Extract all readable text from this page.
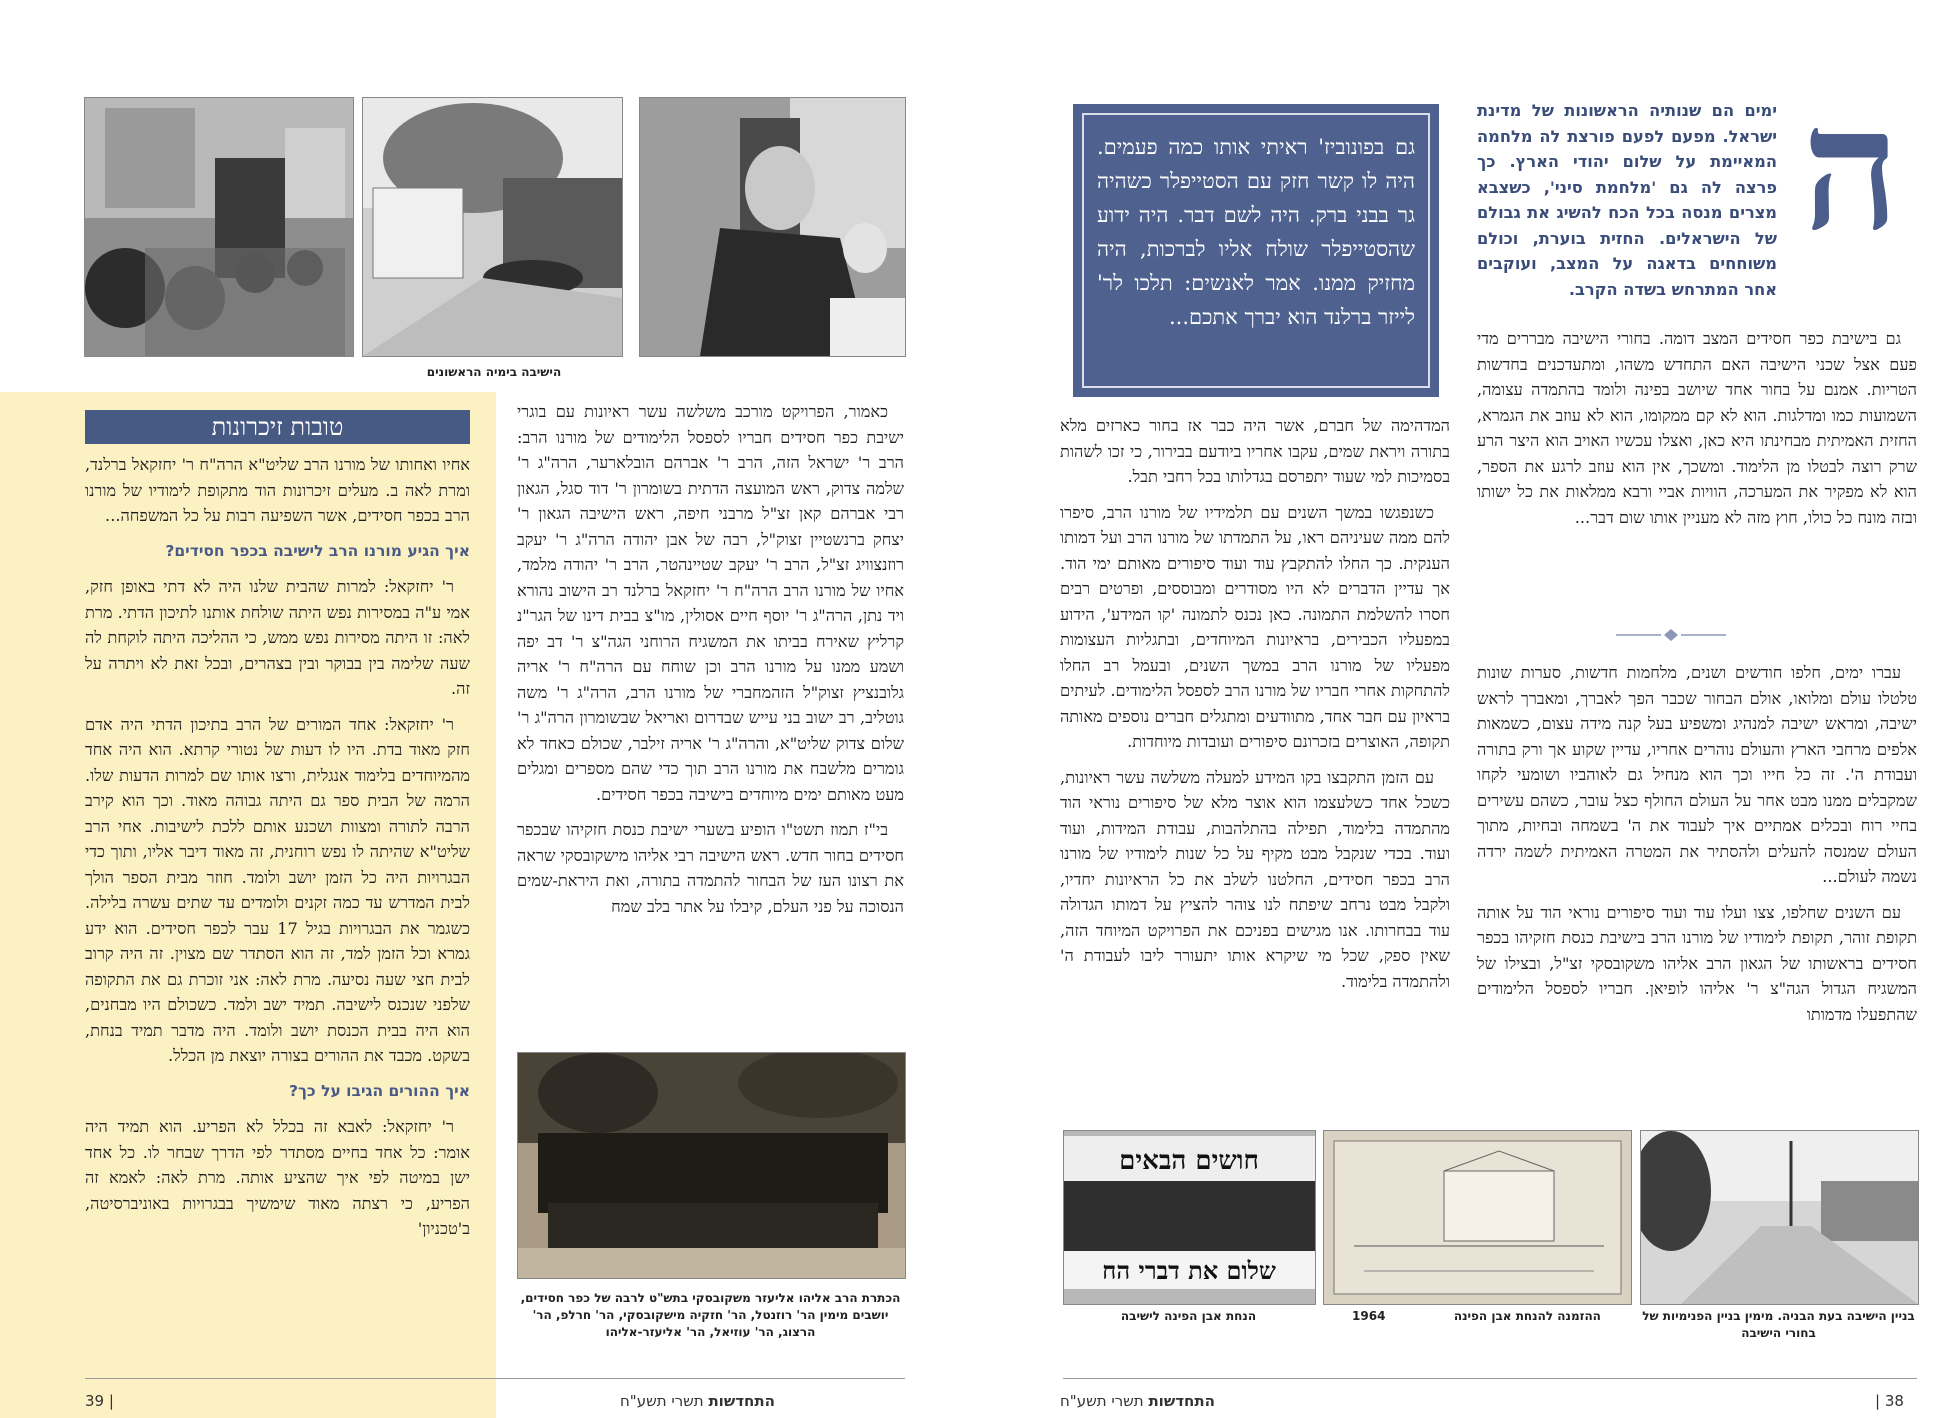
הישיבה בימיה הראשונים
טובות זיכרונות

אחיו ואחותו של מורנו הרב שליט"א הרה"ח ר' יחזקאל ברלנד, ומרת לאה ב. מעלים זיכרונות הוד מתקופת לימודיו של מורנו הרב בכפר חסידים, אשר השפיעה רבות על כל המשפחה...

איך הגיע מורנו הרב לישיבה בכפר חסידים?

ר' יחזקאל: למרות שהבית שלנו היה לא דתי באופן חזק, אמי ע"ה במסירות נפש היתה שולחת אותנו לתיכון הדתי. מרת לאה: זו היתה מסירות נפש ממש, כי ההליכה היתה לוקחת לה שעה שלימה בין בבוקר ובין בצהרים, ובכל זאת לא ויתרה על זה.

ר' יחזקאל: אחד המורים של הרב בתיכון הדתי היה אדם חזק מאוד בדת. היו לו דעות של נטורי קרתא. הוא היה אחד מהמיוחדים בלימוד אנגלית, ורצו אותו שם למרות הדעות שלו. הרמה של הבית ספר גם היתה גבוהה מאוד. וכך הוא קירב הרבה לתורה ומצוות ושכנע אותם ללכת לישיבות. אחי הרב שליט"א שהיתה לו נפש רוחנית, זה מאוד דיבר אליו, ותוך כדי הבגרויות היה כל הזמן יושב ולומד. חוזר מבית הספר הולך לבית המדרש עד כמה זקנים ולומדים עד שתים עשרה בלילה. כשגמר את הבגרויות בגיל 17 עבר לכפר חסידים. הוא ידע גמרא וכל הזמן למד, זה הוא הסתדר שם מצוין. זה היה קרוב לבית חצי שעה נסיעה. מרת לאה: אני זוכרת גם את התקופה שלפני שנכנס לישיבה. תמיד ישב ולמד. כשכולם היו מבחנים, הוא היה בבית הכנסת יושב ולומד. היה מדבר תמיד בנחת, בשקט. מכבד את ההורים בצורה יוצאת מן הכלל.

איך ההורים הגיבו על כך?

ר' יחזקאל: לאבא זה בכלל לא הפריע. הוא תמיד היה אומר: כל אחד בחיים מסתדר לפי הדרך שבחר לו. כל אחד ישן במיטה לפי איך שהציע אותה. מרת לאה: לאמא זה הפריע, כי רצתה מאוד שימשיך בבגרויות באוניברסיטה, ב'טכניון'

כאמור, הפרויקט מורכב משלשה עשר ראיונות עם בוגרי ישיבת כפר חסידים חבריו לספסל הלימודים של מורנו הרב: הרב ר' ישראל הזה, הרב ר' אברהם הובלארער, הרה"ג ר' שלמה צדוק, ראש המועצה הדתית בשומרון ר' דוד סגל, הגאון רבי אברהם קאן זצ"ל מרבני חיפה, ראש הישיבה הגאון ר' יצחק ברנשטיין זצוק"ל, רבה של אבן יהודה הרה"ג ר' יעקב רוזנצוויג זצ"ל, הרב ר' יעקב שטיינהטר, הרב ר' יהודה מלמד, אחיו של מורנו הרב הרה"ח ר' יחזקאל ברלנד רב הישוב נהורא ויד נתן, הרה"ג ר' יוסף חיים אסולין, מו"צ בבית דינו של הגר"נ קרליץ שאירח בביתו את המשגיח הרוחני הגה"צ ר' דב יפה ושמע ממנו על מורנו הרב וכן שוחח עם הרה"ח ר' אריה גלובנציץ זצוק"ל הזהמחברי של מורנו הרב, הרה"ג ר' משה גוטליב, רב ישוב בני עייש שבדרום ואריאל שבשומרון הרה"ג ר' שלום צדוק שליט"א, והרה"ג ר' אריה זילבר, שכולם כאחד לא גומרים מלשבח את מורנו הרב תוך כדי שהם מספרים ומגלים מעט מאותם ימים מיוחדים בישיבה בכפר חסידים.

בי"ז תמוז תשט"ו הופיע בשערי ישיבת כנסת חזקיהו שבכפר חסידים בחור חדש. ראש הישיבה רבי אליהו מישקובסקי שראה את רצונו העז של הבחור להתמדה בתורה, ואת היראת-שמים הנסוכה על פני העלם, קיבלו על אתר בלב שמח

הכתרת הרב אליהו אליעזר משקובסקי בתש"ט לרבה של כפר חסידים, יושבים מימין הר' רוזנטל, הר' חזקיה מישקובסקי, הר' חרלפ, הר' הרצוג, הר' עוזיאל, הר' אליעזר-אליהו
39 |	התחדשות תשרי תשע"ח
ה
ימים הם שנותיה הראשונות של מדינת ישראל. מפעם לפעם פורצת לה מלחמה המאיימת על שלום יהודי הארץ. כך פרצה לה גם 'מלחמת סיני', כשצבא מצרים מנסה בכל הכח להשיג את גבולם של הישראלים. החזית בוערת, וכולם משוחחים בדאגה על המצב, ועוקבים אחר המתרחש בשדה הקרב.

גם בישיבת כפר חסידים המצב דומה. בחורי הישיבה מבררים מדי פעם אצל שכני הישיבה האם התחדש משהו, ומתעדכנים בחדשות הטריות. אמנם על בחור אחד שיושב בפינה ולומד בהתמדה עצומה, השמועות כמו ומדלגות. הוא לא קם ממקומו, הוא לא עוזב את הגמרא, החזית האמיתית מבחינתו היא כאן, ואצלו עכשיו האויב הוא היצר הרע שרק רוצה לבטלו מן הלימוד. ומשכך, אין הוא עוזב לרגע את הספר, הוא לא מפקיר את המערכה, הוויות אביי ורבא ממלאות את כל ישותו ובזה מונח כל כולו, חוץ מזה לא מעניין אותו שום דבר...

עברו ימים, חלפו חודשים ושנים, מלחמות חדשות, סערות שונות טלטלו עולם ומלואו, אולם הבחור שכבר הפך לאברך, ומאברך לראש ישיבה, ומראש ישיבה למנהיג ומשפיע בעל קנה מידה עצום, כשמאות אלפים מרחבי הארץ והעולם נוהרים אחריו, עדיין שקוע אך ורק בתורה ועבודת ה'. זה כל חייו וכך הוא מנחיל גם לאוהביו ושומעי לקחו שמקבלים ממנו מבט אחר על העולם החולף כצל עובר, כשהם עשירים בחיי רוח ובכלים אמתיים איך לעבוד את ה' בשמחה ובחיות, מתוך העולם שמנסה להעלים ולהסתיר את המטרה האמיתית לשמה ירדה נשמה לעולם...

עם השנים שחלפו, צצו ועלו עוד ועוד סיפורים נוראי הוד על אותה תקופת זוהר, תקופת לימודיו של מורנו הרב בישיבת כנסת חזקיהו בכפר חסידים בראשותו של הגאון הרב אליהו משקובסקי זצ"ל, ובצילו של המשגיח הגדול הגה"צ ר' אליהו לופיאן. חבריו לספסל הלימודים שהתפעלו מדמותו

גם בפונוביז' ראיתי אותו כמה פעמים. היה לו קשר חזק עם הסטייפלר כשהיה גר בבני ברק. היה לשם דבר. היה ידוע שהסטייפלר שולח אליו לברכות, היה מחזיק ממנו. אמר לאנשים: תלכו לר' לייזר ברלנד הוא יברך אתכם...

המדהימה של חברם, אשר היה כבר אז בחור כארזים מלא בתורה ויראת שמים, עקבו אחריו ביודעם בבירור, כי זכו לשהות בסמיכות למי שעוד יתפרסם בגדלותו בכל רחבי תבל.

כשנפגשו במשך השנים עם תלמידיו של מורנו הרב, סיפרו להם ממה שעיניהם ראו, על התמדתו של מורנו הרב ועל דמותו הענקית. כך החלו להתקבץ עוד ועוד סיפורים מאותם ימי הוד. אך עדיין הדברים לא היו מסודרים ומבוססים, ופרטים רבים חסרו להשלמת התמונה. כאן נכנס לתמונה 'קו המידע', הידוע במפעליו הכבירים, בראיונות המיוחדים, ובתגליות העצומות מפעליו של מורנו הרב במשך השנים, ובעמל רב החלו להתחקות אחרי חבריו של מורנו הרב לספסל הלימודים. לעיתים בראיון עם חבר אחד, מתוודעים ומתגלים חברים נוספים מאותה תקופה, האוצרים בזכרונם סיפורים ועובדות מיוחדות.

עם הזמן התקבצו בקו המידע למעלה משלשה עשר ראיונות, כשכל אחד כשלעצמו הוא אוצר מלא של סיפורים נוראי הוד מהתמדה בלימוד, תפילה בהתלהבות, עבודת המידות, ועוד ועוד. בכדי שנקבל מבט מקיף על כל שנות לימודיו של מורנו הרב בכפר חסידים, החלטנו לשלב את כל הראיונות יחדיו, ולקבל מבט נרחב שיפתח לנו צוהר להציץ על דמותו הגדולה עוד בבחרותו. אנו מגישים בפניכם את הפרויקט המיוחד הזה, שאין ספק, שכל מי שיקרא אותו יתעורר ליבו לעבודת ה' ולהתמדה בלימוד.

בניין הישיבה בעת הבניה. מימין בניין הפנימיות של בחורי הישיבה
ההזמנה להנחת אבן הפינה  1964
חושים הבאים
שלום את דברי הח
הנחת אבן הפינה לישיבה
התחדשות תשרי תשע"ח	| 38
